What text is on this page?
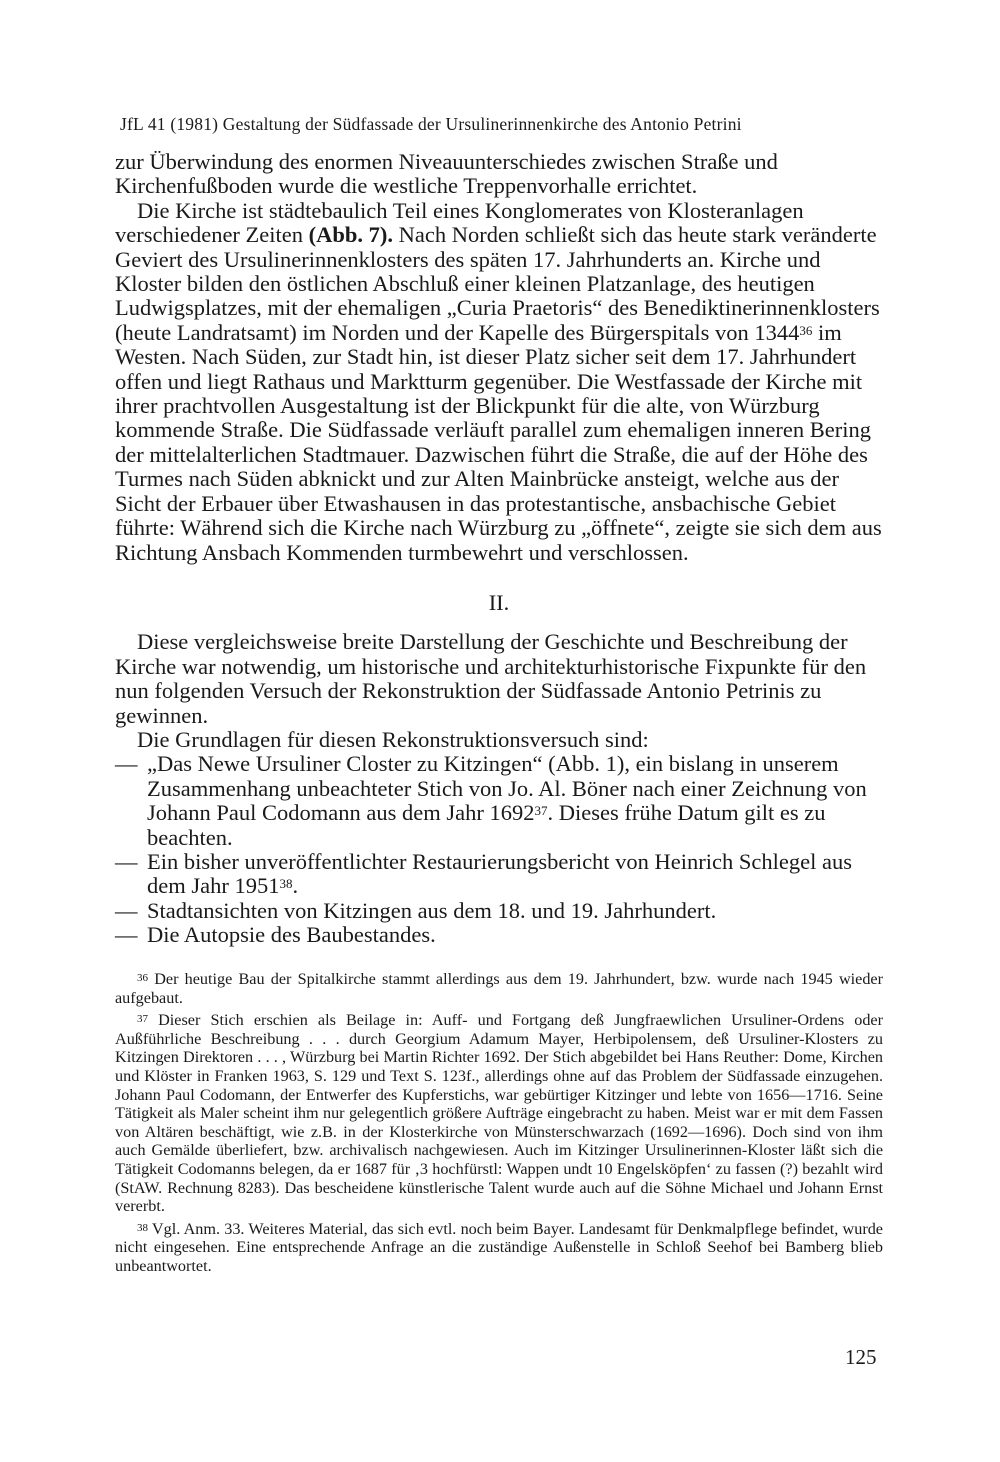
JfL 41 (1981) Gestaltung der Südfassade der Ursulinerinnenkirche des Antonio Petrini

zur Überwindung des enormen Niveauunterschiedes zwischen Straße und Kirchenfußboden wurde die westliche Treppenvorhalle errichtet.

Die Kirche ist städtebaulich Teil eines Konglomerates von Klosteranlagen verschiedener Zeiten (Abb. 7). Nach Norden schließt sich das heute stark veränderte Geviert des Ursulinerinnenklosters des späten 17. Jahrhunderts an. Kirche und Kloster bilden den östlichen Abschluß einer kleinen Platzanlage, des heutigen Ludwigsplatzes, mit der ehemaligen „Curia Praetoris“ des Benediktinerinnenklosters (heute Landratsamt) im Norden und der Kapelle des Bürgerspitals von 1344$^{36}$ im Westen. Nach Süden, zur Stadt hin, ist dieser Platz sicher seit dem 17. Jahrhundert offen und liegt Rathaus und Marktturm gegenüber. Die Westfassade der Kirche mit ihrer prachtvollen Ausgestaltung ist der Blickpunkt für die alte, von Würzburg kommende Straße. Die Südfassade verläuft parallel zum ehemaligen inneren Bering der mittelalterlichen Stadtmauer. Dazwischen führt die Straße, die auf der Höhe des Turmes nach Süden abknickt und zur Alten Mainbrücke ansteigt, welche aus der Sicht der Erbauer über Etwashausen in das protestantische, ansbachische Gebiet führte: Während sich die Kirche nach Würzburg zu „öffnete“, zeigte sie sich dem aus Richtung Ansbach Kommenden turmbewehrt und verschlossen.

II.

Diese vergleichsweise breite Darstellung der Geschichte und Beschreibung der Kirche war notwendig, um historische und architekturhistorische Fixpunkte für den nun folgenden Versuch der Rekonstruktion der Südfassade Antonio Petrinis zu gewinnen.

Die Grundlagen für diesen Rekonstruktionsversuch sind:

— „Das Newe Ursuliner Closter zu Kitzingen“ (Abb. 1), ein bislang in unserem Zusammenhang unbeachteter Stich von Jo. Al. Böner nach einer Zeichnung von Johann Paul Codomann aus dem Jahr 1692$^{37}$. Dieses frühe Datum gilt es zu beachten.
— Ein bisher unveröffentlichter Restaurierungsbericht von Heinrich Schlegel aus dem Jahr 1951$^{38}$.
— Stadtansichten von Kitzingen aus dem 18. und 19. Jahrhundert.
— Die Autopsie des Baubestandes.

$^{36}$ Der heutige Bau der Spitalkirche stammt allerdings aus dem 19. Jahrhundert, bzw. wurde nach 1945 wieder aufgebaut.

$^{37}$ Dieser Stich erschien als Beilage in: Auff- und Fortgang deß Jungfraewlichen Ursuliner-Ordens oder Außführliche Beschreibung . . . durch Georgium Adamum Mayer, Herbipolensem, deß Ursuliner-Klosters zu Kitzingen Direktoren . . . , Würzburg bei Martin Richter 1692. Der Stich abgebildet bei Hans Reuther: Dome, Kirchen und Klöster in Franken 1963, S. 129 und Text S. 123f., allerdings ohne auf das Problem der Südfassade einzugehen. Johann Paul Codomann, der Entwerfer des Kupferstichs, war gebürtiger Kitzinger und lebte von 1656—1716. Seine Tätigkeit als Maler scheint ihm nur gelegentlich größere Aufträge eingebracht zu haben. Meist war er mit dem Fassen von Altären beschäftigt, wie z.B. in der Klosterkirche von Münsterschwarzach (1692—1696). Doch sind von ihm auch Gemälde überliefert, bzw. archivalisch nachgewiesen. Auch im Kitzinger Ursulinerinnen-Kloster läßt sich die Tätigkeit Codomanns belegen, da er 1687 für ‚3 hochfürstl: Wappen undt 10 Engelsköpfen‘ zu fassen (?) bezahlt wird (StAW. Rechnung 8283). Das bescheidene künstlerische Talent wurde auch auf die Söhne Michael und Johann Ernst vererbt.

$^{38}$ Vgl. Anm. 33. Weiteres Material, das sich evtl. noch beim Bayer. Landesamt für Denkmalpflege befindet, wurde nicht eingesehen. Eine entsprechende Anfrage an die zuständige Außenstelle in Schloß Seehof bei Bamberg blieb unbeantwortet.

125
